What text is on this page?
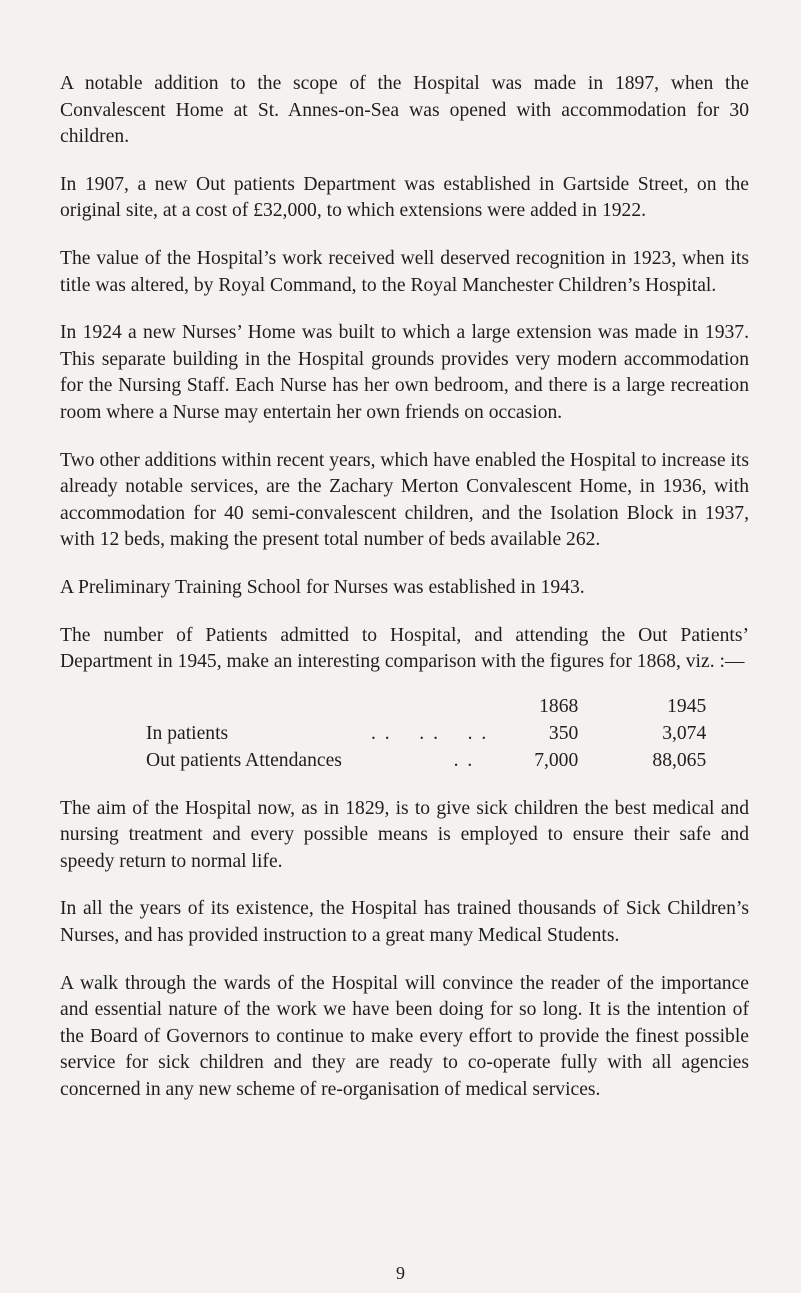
A notable addition to the scope of the Hospital was made in 1897, when the Convalescent Home at St. Annes-on-Sea was opened with accommodation for 30 children.

In 1907, a new Out patients Department was established in Gartside Street, on the original site, at a cost of £32,000, to which extensions were added in 1922.

The value of the Hospital’s work received well deserved recognition in 1923, when its title was altered, by Royal Command, to the Royal Manchester Children’s Hospital.

In 1924 a new Nurses’ Home was built to which a large extension was made in 1937. This separate building in the Hospital grounds provides very modern accommodation for the Nursing Staff. Each Nurse has her own bedroom, and there is a large recreation room where a Nurse may entertain her own friends on occasion.

Two other additions within recent years, which have enabled the Hospital to increase its already notable services, are the Zachary Merton Convalescent Home, in 1936, with accommodation for 40 semi-convalescent children, and the Isolation Block in 1937, with 12 beds, making the present total number of beds available 262.

A Preliminary Training School for Nurses was established in 1943.

The number of Patients admitted to Hospital, and attending the Out Patients’ Department in 1945, make an interesting comparison with the figures for 1868, viz. :—

		1868	1945
In patients	. .    . .    . .	350	3,074
Out patients Attendances	. .	7,000	88,065

The aim of the Hospital now, as in 1829, is to give sick children the best medical and nursing treatment and every possible means is employed to ensure their safe and speedy return to normal life.

In all the years of its existence, the Hospital has trained thousands of Sick Children’s Nurses, and has provided instruction to a great many Medical Students.

A walk through the wards of the Hospital will convince the reader of the importance and essential nature of the work we have been doing for so long. It is the intention of the Board of Governors to continue to make every effort to provide the finest possible service for sick children and they are ready to co-operate fully with all agencies concerned in any new scheme of re-organisation of medical services.

9
